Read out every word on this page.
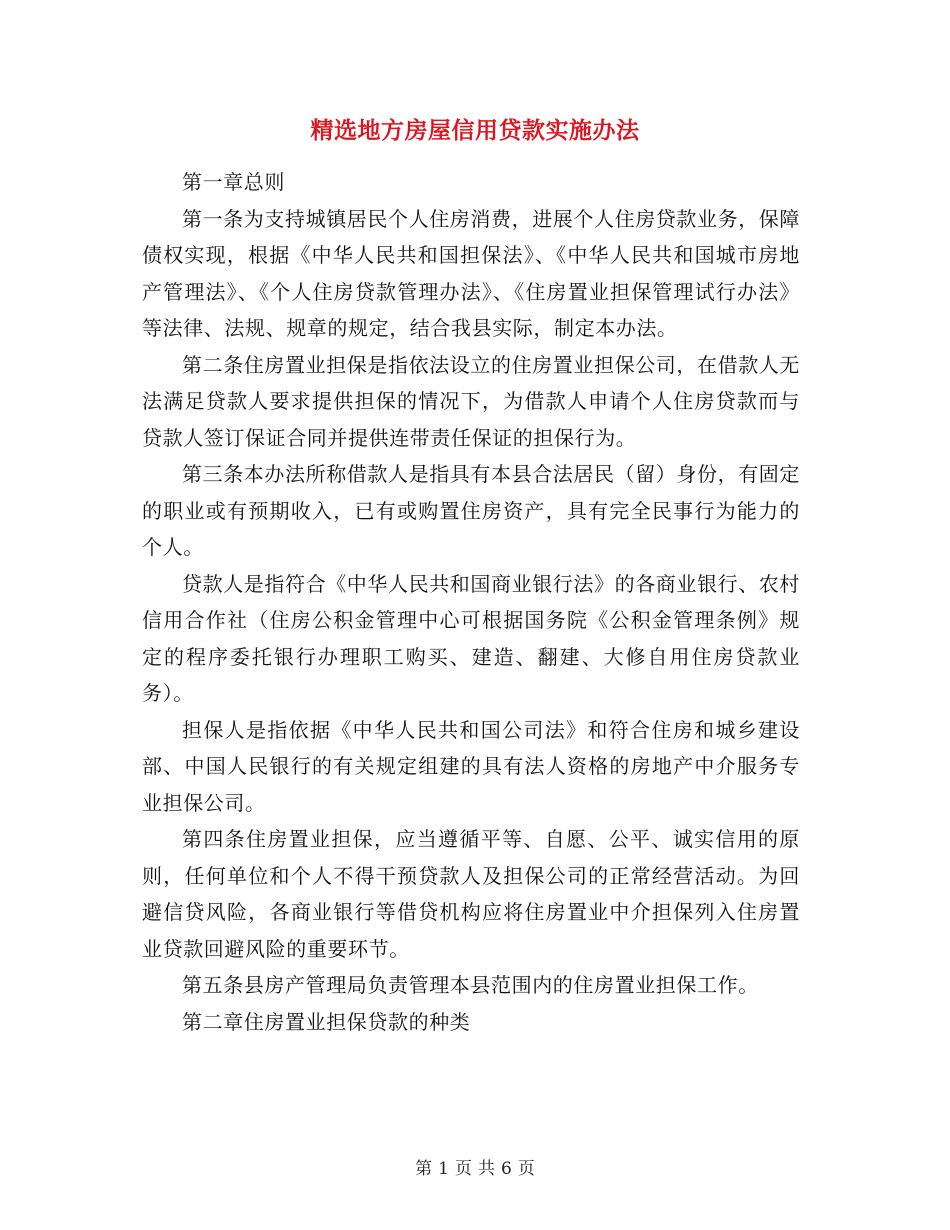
精选地方房屋信用贷款实施办法

第一章总则

第一条为支持城镇居民个人住房消费，进展个人住房贷款业务，保障债权实现，根据《中华人民共和国担保法》、《中华人民共和国城市房地产管理法》、《个人住房贷款管理办法》、《住房置业担保管理试行办法》等法律、法规、规章的规定，结合我县实际，制定本办法。

第二条住房置业担保是指依法设立的住房置业担保公司，在借款人无法满足贷款人要求提供担保的情况下，为借款人申请个人住房贷款而与贷款人签订保证合同并提供连带责任保证的担保行为。

第三条本办法所称借款人是指具有本县合法居民（留）身份，有固定的职业或有预期收入，已有或购置住房资产，具有完全民事行为能力的个人。

贷款人是指符合《中华人民共和国商业银行法》的各商业银行、农村信用合作社（住房公积金管理中心可根据国务院《公积金管理条例》规定的程序委托银行办理职工购买、建造、翻建、大修自用住房贷款业务）。

担保人是指依据《中华人民共和国公司法》和符合住房和城乡建设部、中国人民银行的有关规定组建的具有法人资格的房地产中介服务专业担保公司。

第四条住房置业担保，应当遵循平等、自愿、公平、诚实信用的原则，任何单位和个人不得干预贷款人及担保公司的正常经营活动。为回避信贷风险，各商业银行等借贷机构应将住房置业中介担保列入住房置业贷款回避风险的重要环节。

第五条县房产管理局负责管理本县范围内的住房置业担保工作。

第二章住房置业担保贷款的种类

第 1 页 共 6 页
